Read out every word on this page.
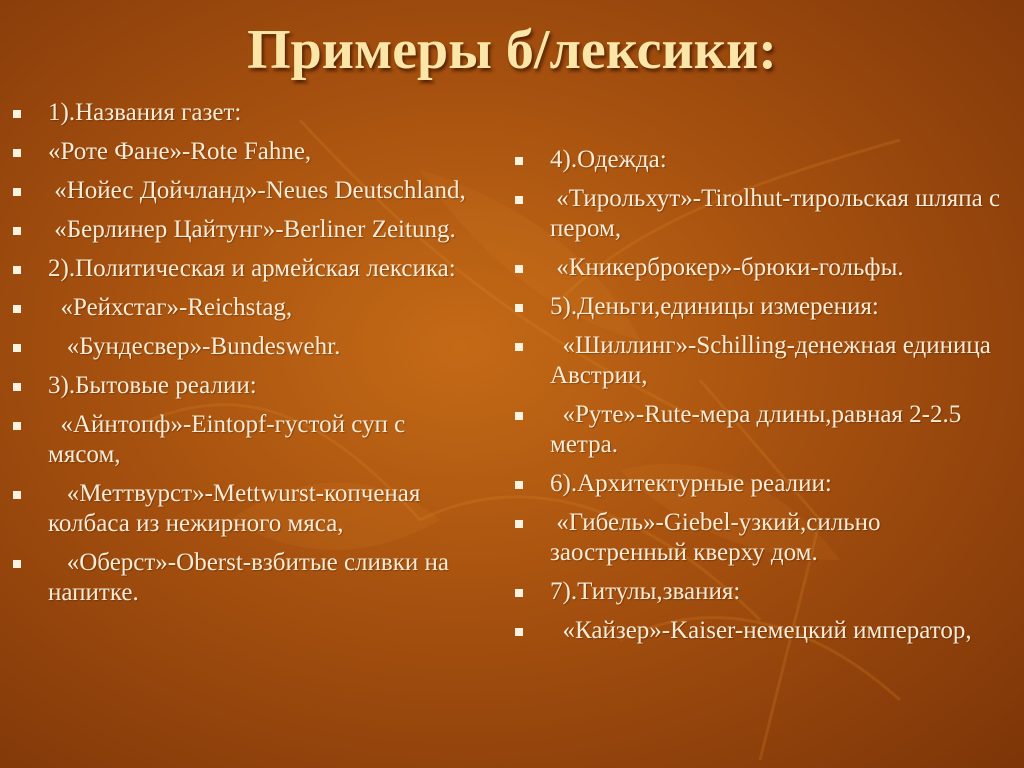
Примеры б/лексики:
1).Названия газет:
«Роте Фане»-Rote Fahne,
«Нойес Дойчланд»-Neues Deutschland,
«Берлинер Цайтунг»-Berliner Zeitung.
2).Политическая и армейская лексика:
«Рейхстаг»-Reichstag,
«Бундесвер»-Bundeswehr.
3).Бытовые реалии:
«Айнтопф»-Eintopf-густой суп с мясом,
«Меттвурст»-Mettwurst-копченая колбаса из нежирного мяса,
«Оберст»-Oberst-взбитые сливки на напитке.
4).Одежда:
«Тирольхут»-Tirolhut-тирольская шляпа с пером,
«Кникерброкер»-брюки-гольфы.
5).Деньги,единицы измерения:
«Шиллинг»-Schilling-денежная единица Австрии,
«Руте»-Rute-мера длины,равная 2-2.5 метра.
6).Архитектурные реалии:
«Гибель»-Giebel-узкий,сильно заостренный кверху дом.
7).Титулы,звания:
«Кайзер»-Kaiser-немецкий император,
